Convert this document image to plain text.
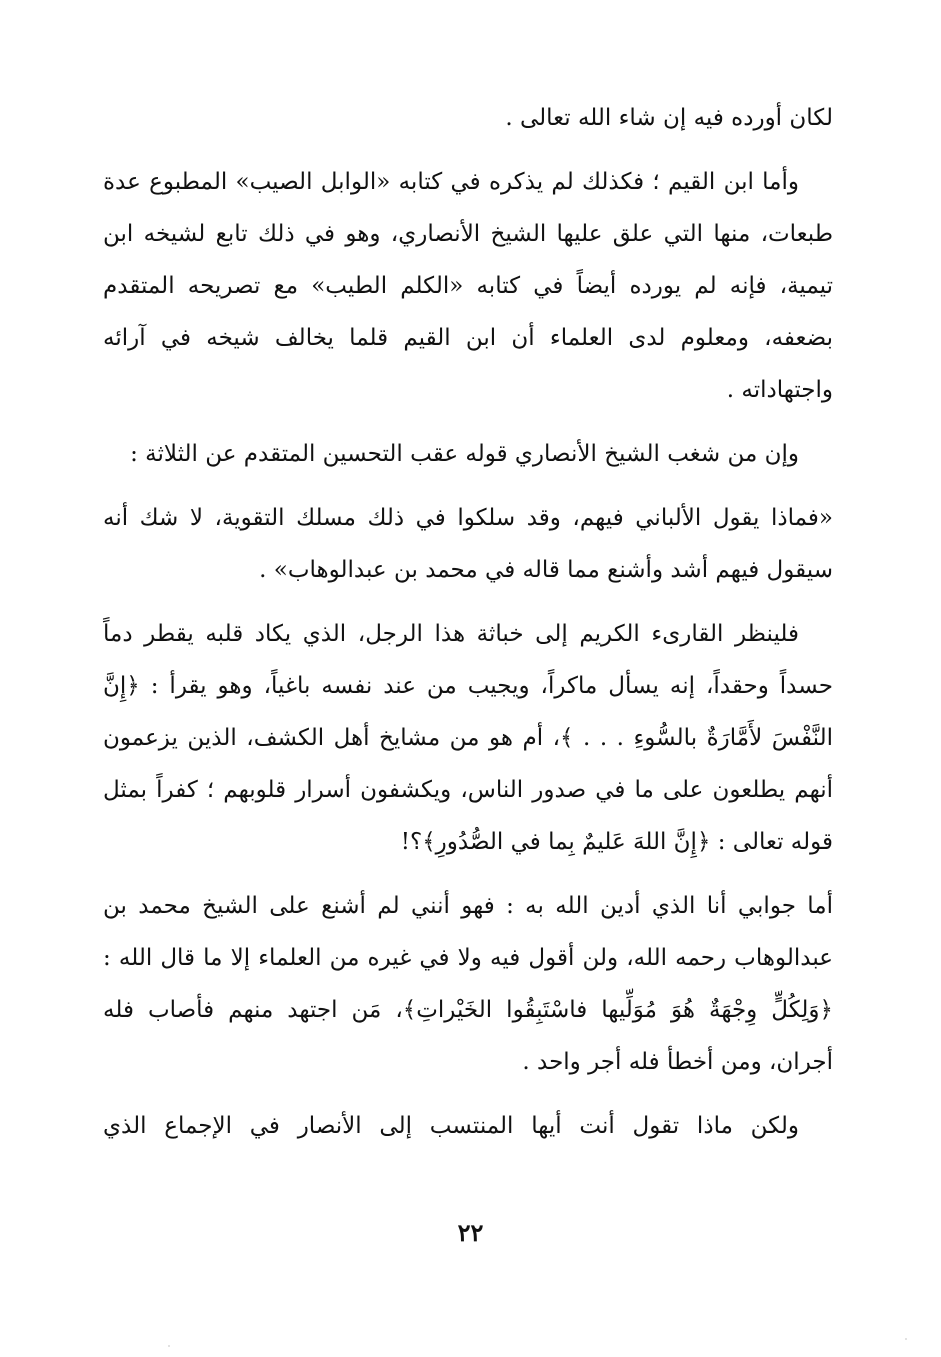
لكان أورده فيه إن شاء الله تعالى .

وأما ابن القيم ؛ فكذلك لم يذكره في كتابه «الوابل الصيب» المطبوع عدة طبعات، منها التي علق عليها الشيخ الأنصاري، وهو في ذلك تابع لشيخه ابن تيمية، فإنه لم يورده أيضاً في كتابه «الكلم الطيب» مع تصريحه المتقدم بضعفه، ومعلوم لدى العلماء أن ابن القيم قلما يخالف شيخه في آرائه واجتهاداته .

وإن من شغب الشيخ الأنصاري قوله عقب التحسين المتقدم عن الثلاثة :

«فماذا يقول الألباني فيهم، وقد سلكوا في ذلك مسلك التقوية، لا شك أنه سيقول فيهم أشد وأشنع مما قاله في محمد بن عبدالوهاب» .

فلينظر القارىء الكريم إلى خباثة هذا الرجل، الذي يكاد قلبه يقطر دماً حسداً وحقداً، إنه يسأل ماكراً، ويجيب من عند نفسه باغياً، وهو يقرأ : ﴿إِنَّ النَّفْسَ لأَمَّارَةٌ بالسُّوءِ . . . ﴾، أم هو من مشايخ أهل الكشف، الذين يزعمون أنهم يطلعون على ما في صدور الناس، ويكشفون أسرار قلوبهم ؛ كفراً بمثل قوله تعالى : ﴿إِنَّ اللهَ عَليمٌ بِما في الصُّدُورِ﴾؟!

أما جوابي أنا الذي أدين الله به : فهو أنني لم أشنع على الشيخ محمد بن عبدالوهاب رحمه الله، ولن أقول فيه ولا في غيره من العلماء إلا ما قال الله : ﴿وَلِكُلٍّ وِجْهَةٌ هُوَ مُوَلِّيها فاسْتَبِقُوا الخَيْراتِ﴾، مَن اجتهد منهم فأصاب فله أجران، ومن أخطأ فله أجر واحد .

ولكن ماذا تقول أنت أيها المنتسب إلى الأنصار في الإجماع الذي

٢٢
